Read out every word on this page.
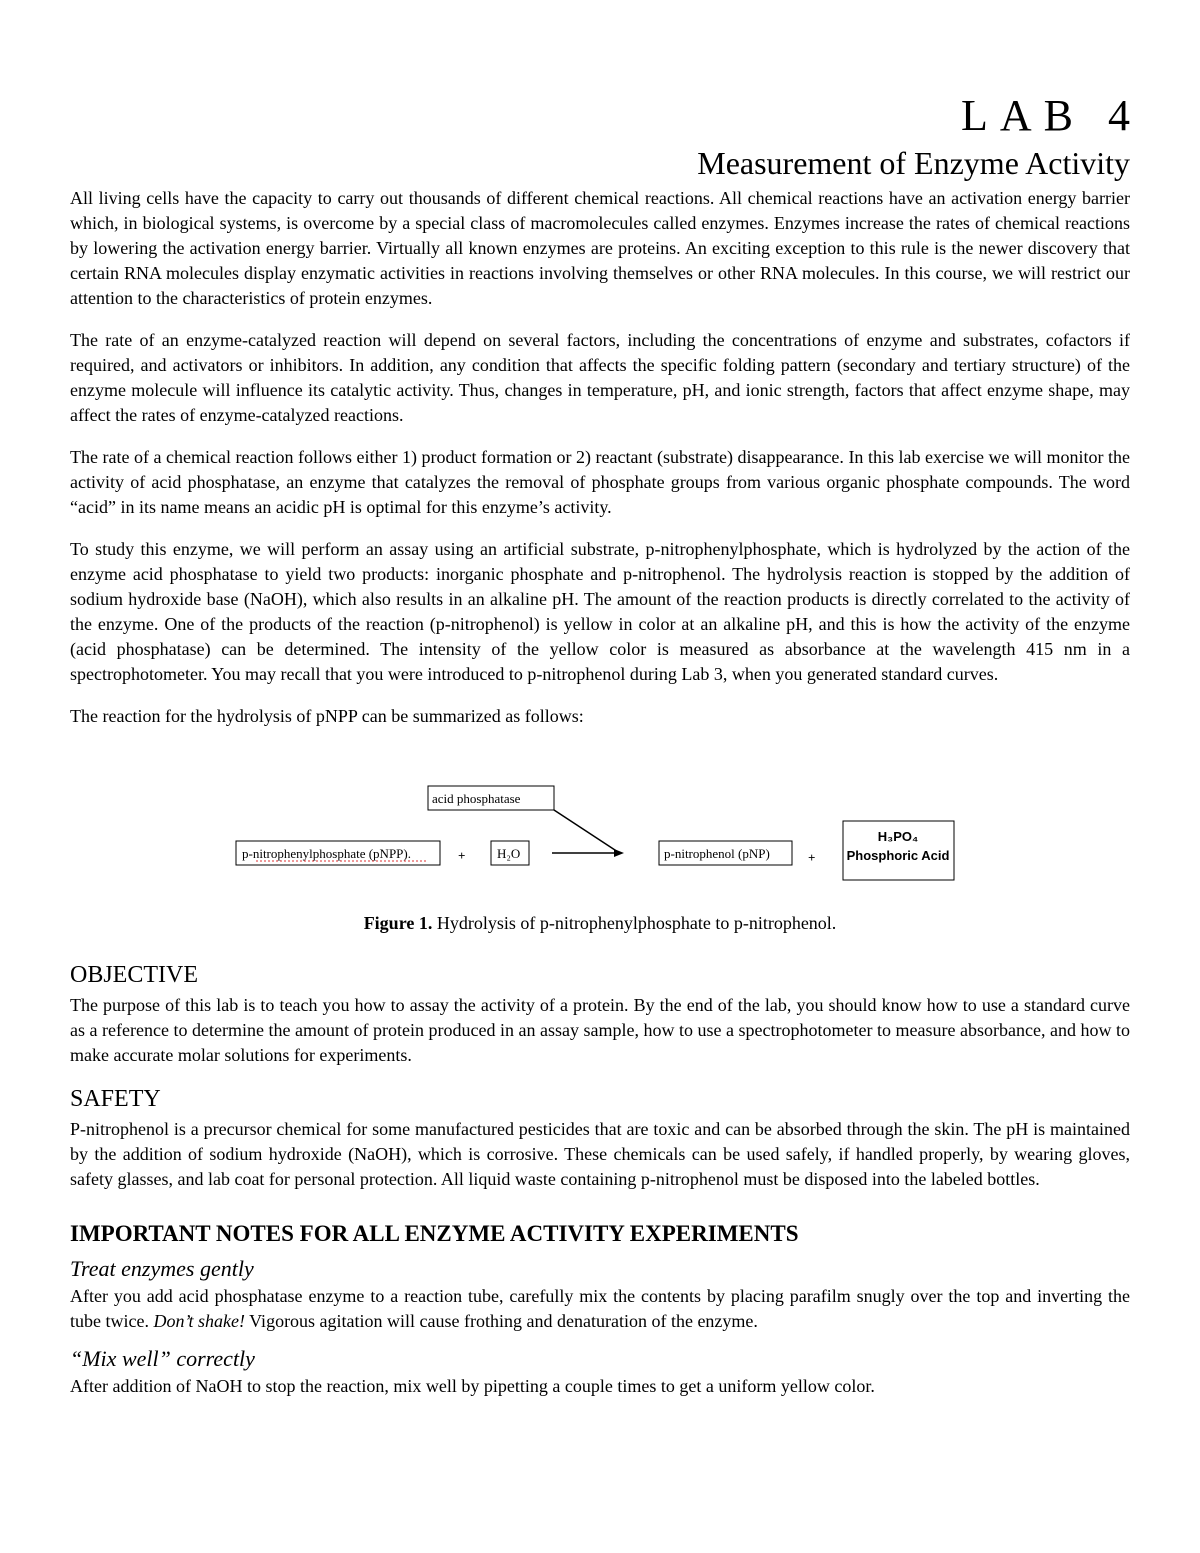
LAB 4
Measurement of Enzyme Activity

All living cells have the capacity to carry out thousands of different chemical reactions. All chemical reactions have an activation energy barrier which, in biological systems, is overcome by a special class of macromolecules called enzymes. Enzymes increase the rates of chemical reactions by lowering the activation energy barrier. Virtually all known enzymes are proteins. An exciting exception to this rule is the newer discovery that certain RNA molecules display enzymatic activities in reactions involving themselves or other RNA molecules. In this course, we will restrict our attention to the characteristics of protein enzymes.

The rate of an enzyme-catalyzed reaction will depend on several factors, including the concentrations of enzyme and substrates, cofactors if required, and activators or inhibitors. In addition, any condition that affects the specific folding pattern (secondary and tertiary structure) of the enzyme molecule will influence its catalytic activity. Thus, changes in temperature, pH, and ionic strength, factors that affect enzyme shape, may affect the rates of enzyme-catalyzed reactions.

The rate of a chemical reaction follows either 1) product formation or 2) reactant (substrate) disappearance. In this lab exercise we will monitor the activity of acid phosphatase, an enzyme that catalyzes the removal of phosphate groups from various organic phosphate compounds. The word “acid” in its name means an acidic pH is optimal for this enzyme’s activity.

To study this enzyme, we will perform an assay using an artificial substrate, p-nitrophenylphosphate, which is hydrolyzed by the action of the enzyme acid phosphatase to yield two products: inorganic phosphate and p-nitrophenol. The hydrolysis reaction is stopped by the addition of sodium hydroxide base (NaOH), which also results in an alkaline pH. The amount of the reaction products is directly correlated to the activity of the enzyme. One of the products of the reaction (p-nitrophenol) is yellow in color at an alkaline pH, and this is how the activity of the enzyme (acid phosphatase) can be determined. The intensity of the yellow color is measured as absorbance at the wavelength 415 nm in a spectrophotometer. You may recall that you were introduced to p-nitrophenol during Lab 3, when you generated standard curves.

The reaction for the hydrolysis of pNPP can be summarized as follows:

acid phosphatase
p-nitrophenylphosphate (pNPP).	+ H₂O	p-nitrophenol (pNP)	+
H₃PO₄
Phosphoric Acid
Figure 1. Hydrolysis of p-nitrophenylphosphate to p-nitrophenol.
OBJECTIVE

The purpose of this lab is to teach you how to assay the activity of a protein. By the end of the lab, you should know how to use a standard curve as a reference to determine the amount of protein produced in an assay sample, how to use a spectrophotometer to measure absorbance, and how to make accurate molar solutions for experiments.

SAFETY

P-nitrophenol is a precursor chemical for some manufactured pesticides that are toxic and can be absorbed through the skin. The pH is maintained by the addition of sodium hydroxide (NaOH), which is corrosive. These chemicals can be used safely, if handled properly, by wearing gloves, safety glasses, and lab coat for personal protection. All liquid waste containing p-nitrophenol must be disposed into the labeled bottles.

IMPORTANT NOTES FOR ALL ENZYME ACTIVITY EXPERIMENTS
Treat enzymes gently

After you add acid phosphatase enzyme to a reaction tube, carefully mix the contents by placing parafilm snugly over the top and inverting the tube twice. Don’t shake! Vigorous agitation will cause frothing and denaturation of the enzyme.

“Mix well” correctly

After addition of NaOH to stop the reaction, mix well by pipetting a couple times to get a uniform yellow color.
